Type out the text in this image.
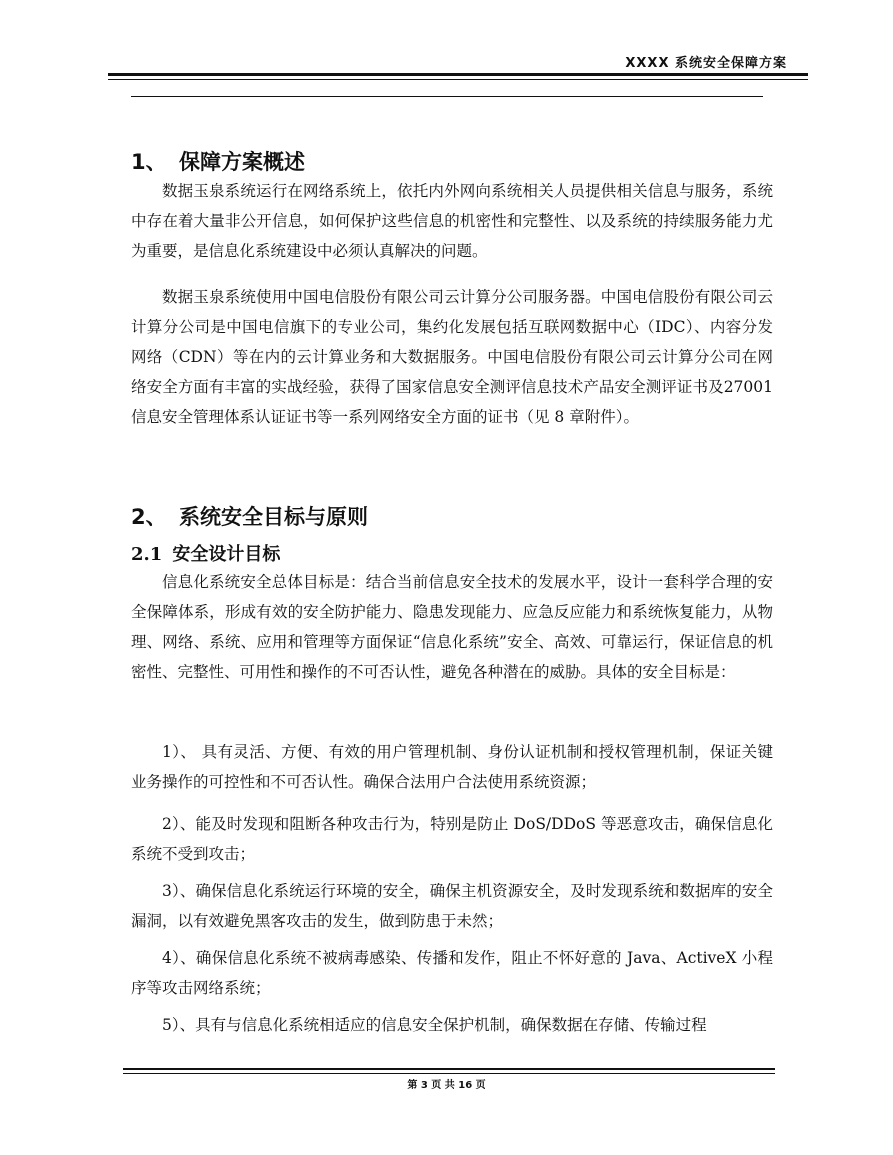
XXXX 系统安全保障方案
1、 保障方案概述

数据玉泉系统运行在网络系统上，依托内外网向系统相关人员提供相关信息与服务，系统中存在着大量非公开信息，如何保护这些信息的机密性和完整性、以及系统的持续服务能力尤为重要，是信息化系统建设中必须认真解决的问题。

数据玉泉系统使用中国电信股份有限公司云计算分公司服务器。中国电信股份有限公司云计算分公司是中国电信旗下的专业公司，集约化发展包括互联网数据中心（IDC）、内容分发网络（CDN）等在内的云计算业务和大数据服务。中国电信股份有限公司云计算分公司在网络安全方面有丰富的实战经验，获得了国家信息安全测评信息技术产品安全测评证书及27001信息安全管理体系认证证书等一系列网络安全方面的证书（见 8 章附件）。

2、 系统安全目标与原则
2.1 安全设计目标

信息化系统安全总体目标是：结合当前信息安全技术的发展水平，设计一套科学合理的安全保障体系，形成有效的安全防护能力、隐患发现能力、应急反应能力和系统恢复能力，从物理、网络、系统、应用和管理等方面保证“信息化系统”安全、高效、可靠运行，保证信息的机密性、完整性、可用性和操作的不可否认性，避免各种潜在的威胁。具体的安全目标是：

1）、 具有灵活、方便、有效的用户管理机制、身份认证机制和授权管理机制，保证关键业务操作的可控性和不可否认性。确保合法用户合法使用系统资源；

2）、能及时发现和阻断各种攻击行为，特别是防止 DoS/DDoS 等恶意攻击，确保信息化系统不受到攻击；

3）、确保信息化系统运行环境的安全，确保主机资源安全，及时发现系统和数据库的安全漏洞，以有效避免黑客攻击的发生，做到防患于未然；

4）、确保信息化系统不被病毒感染、传播和发作，阻止不怀好意的 Java、ActiveX 小程序等攻击网络系统；

5）、具有与信息化系统相适应的信息安全保护机制，确保数据在存储、传输过程

第 3 页 共 16 页
